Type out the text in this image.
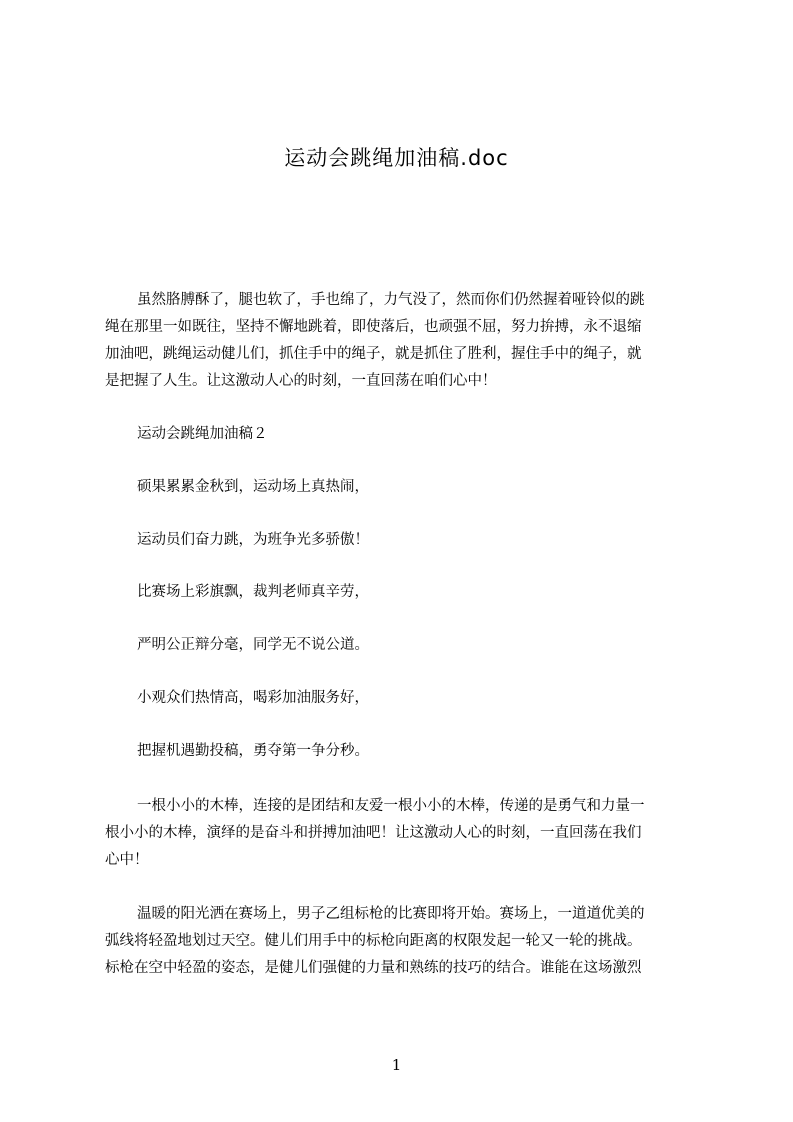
运动会跳绳加油稿.doc

虽然胳膊酥了，腿也软了，手也绵了，力气没了，然而你们仍然握着哑铃似的跳

绳在那里一如既往，坚持不懈地跳着，即使落后，也顽强不屈，努力拚搏，永不退缩
加油吧，跳绳运动健儿们，抓住手中的绳子，就是抓住了胜利，握住手中的绳子，就
是把握了人生。让这激动人心的时刻，一直回荡在咱们心中！
运动会跳绳加油稿２
硕果累累金秋到，运动场上真热闹，
运动员们奋力跳，为班争光多骄傲！
比赛场上彩旗飘，裁判老师真辛劳，
严明公正辩分毫，同学无不说公道。
小观众们热情高，喝彩加油服务好，
把握机遇勤投稿，勇夺第一争分秒。

一根小小的木棒，连接的是团结和友爱一根小小的木棒，传递的是勇气和力量一

根小小的木棒，演绎的是奋斗和拼搏加油吧！让这激动人心的时刻，一直回荡在我们
心中！

温暖的阳光洒在赛场上，男子乙组标枪的比赛即将开始。赛场上，一道道优美的

弧线将轻盈地划过天空。健儿们用手中的标枪向距离的权限发起一轮又一轮的挑战。
标枪在空中轻盈的姿态，是健儿们强健的力量和熟练的技巧的结合。谁能在这场激烈
1
